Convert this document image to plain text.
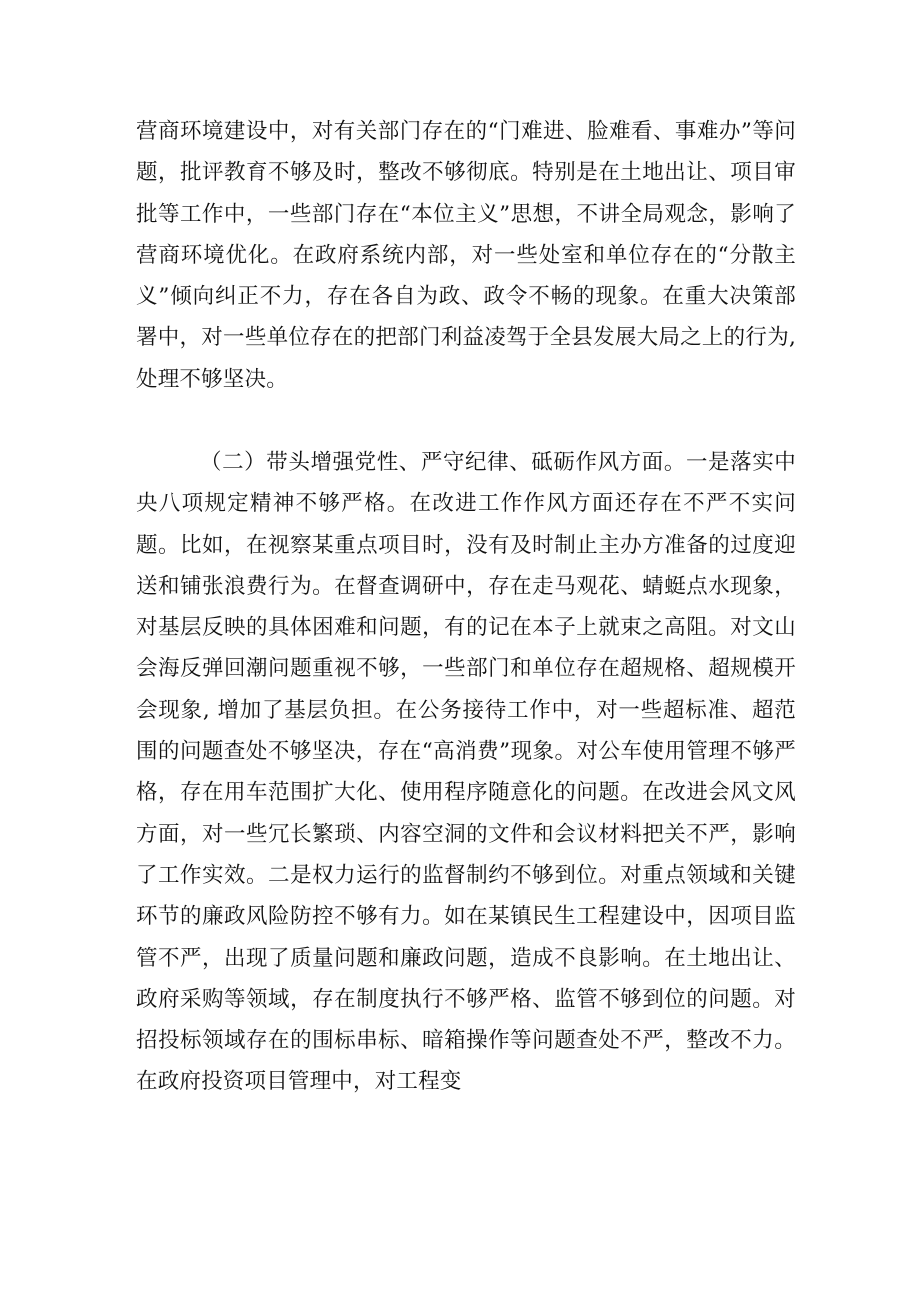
营商环境建设中，对有关部门存在的“门难进、脸难看、事难办”等问题，批评教育不够及时，整改不够彻底。特别是在土地出让、项目审批等工作中，一些部门存在“本位主义”思想，不讲全局观念，影响了营商环境优化。在政府系统内部，对一些处室和单位存在的“分散主义”倾向纠正不力，存在各自为政、政令不畅的现象。在重大决策部署中，对一些单位存在的把部门利益凌驾于全县发展大局之上的行为, 处理不够坚决。

（二）带头增强党性、严守纪律、砥砺作风方面。一是落实中央八项规定精神不够严格。在改进工作作风方面还存在不严不实问题。比如，在视察某重点项目时，没有及时制止主办方准备的过度迎送和铺张浪费行为。在督查调研中，存在走马观花、蜻蜓点水现象，对基层反映的具体困难和问题，有的记在本子上就束之高阻。对文山会海反弹回潮问题重视不够，一些部门和单位存在超规格、超规模开会现象, 增加了基层负担。在公务接待工作中，对一些超标准、超范围的问题查处不够坚决，存在“高消费”现象。对公车使用管理不够严格，存在用车范围扩大化、使用程序随意化的问题。在改进会风文风方面，对一些冗长繁琐、内容空洞的文件和会议材料把关不严，影响了工作实效。二是权力运行的监督制约不够到位。对重点领域和关键环节的廉政风险防控不够有力。如在某镇民生工程建设中，因项目监管不严，出现了质量问题和廉政问题，造成不良影响。在土地出让、政府采购等领域，存在制度执行不够严格、监管不够到位的问题。对招投标领域存在的围标串标、暗箱操作等问题查处不严，整改不力。在政府投资项目管理中，对工程变
